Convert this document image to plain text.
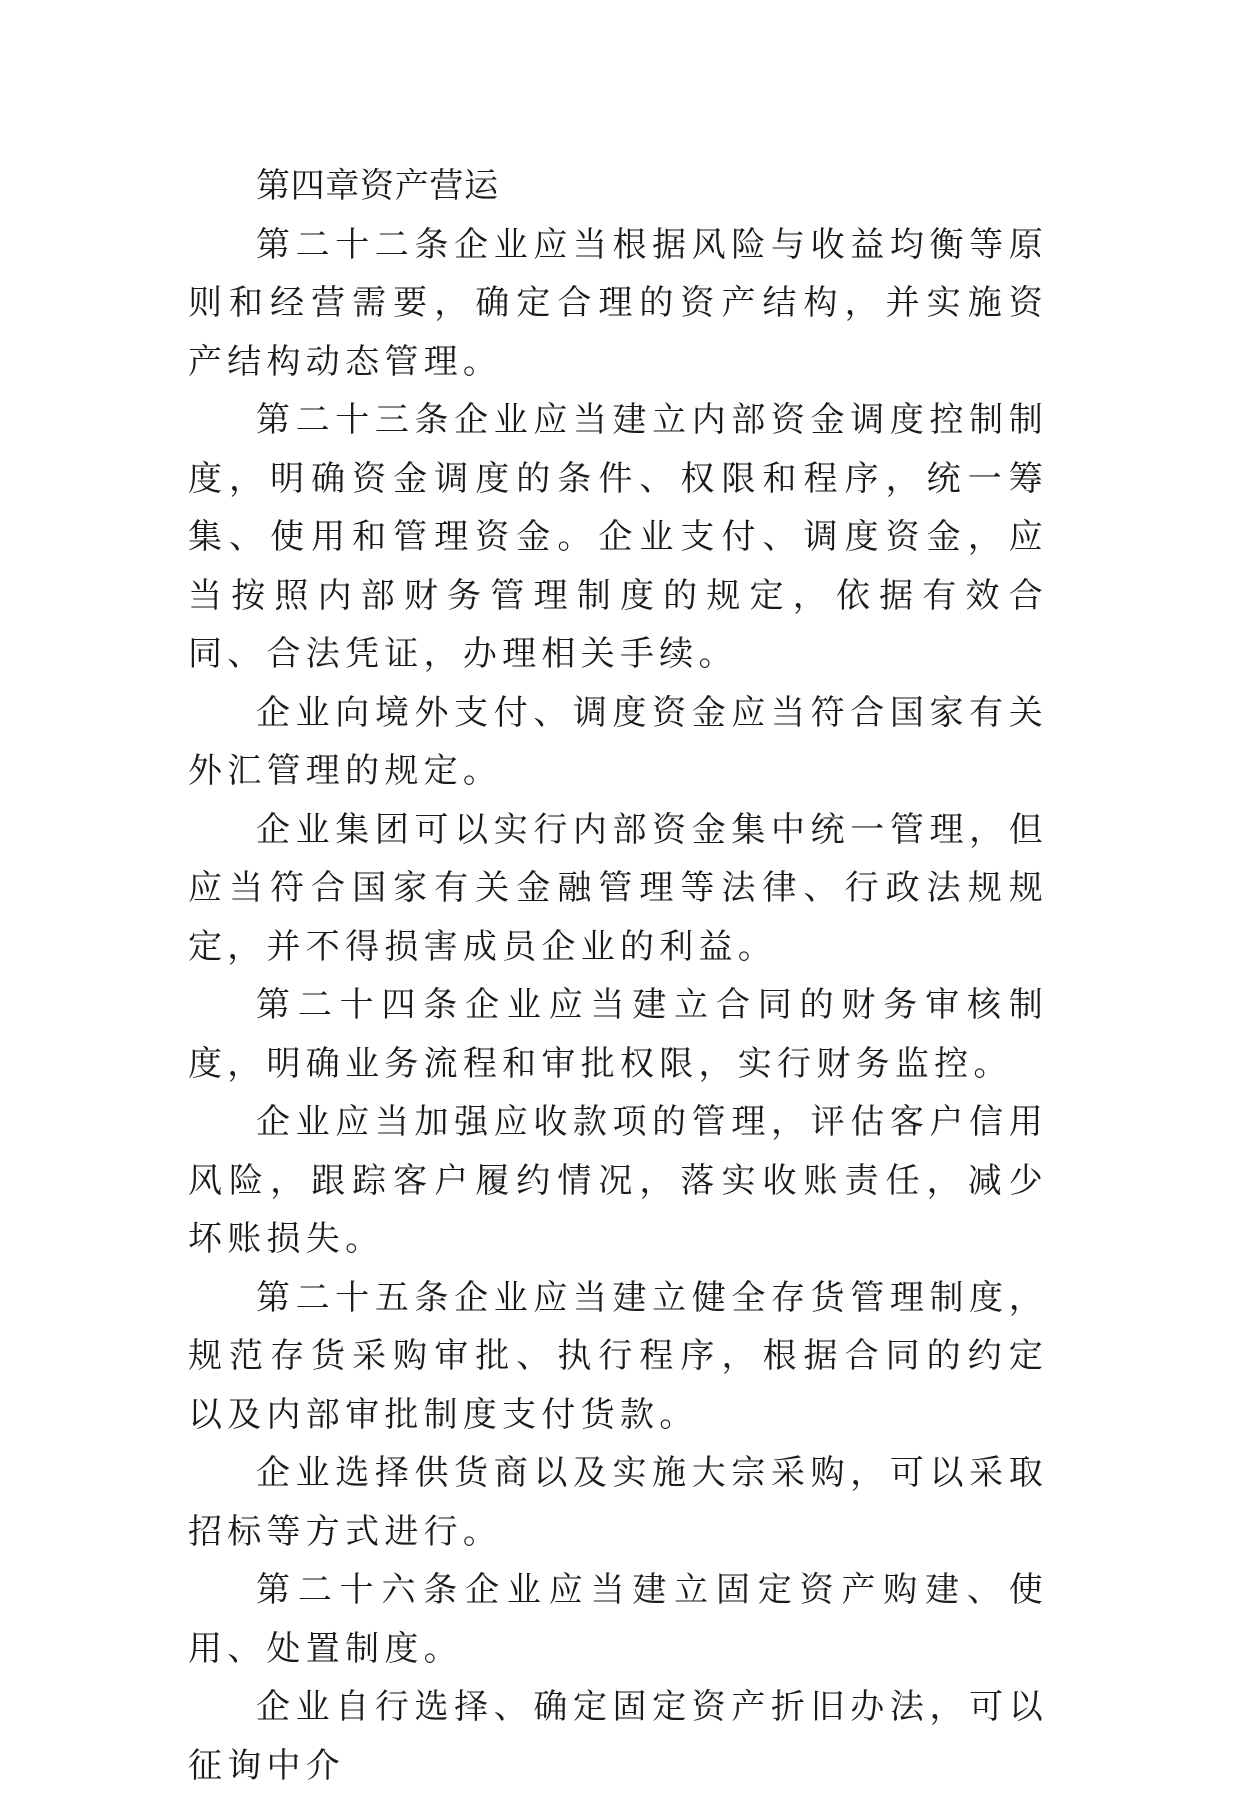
第四章资产营运

第二十二条企业应当根据风险与收益均衡等原则和经营需要，确定合理的资产结构，并实施资产结构动态管理。

第二十三条企业应当建立内部资金调度控制制度，明确资金调度的条件、权限和程序，统一筹集、使用和管理资金。企业支付、调度资金，应当按照内部财务管理制度的规定，依据有效合同、合法凭证，办理相关手续。

企业向境外支付、调度资金应当符合国家有关外汇管理的规定。

企业集团可以实行内部资金集中统一管理，但应当符合国家有关金融管理等法律、行政法规规定，并不得损害成员企业的利益。

第二十四条企业应当建立合同的财务审核制度，明确业务流程和审批权限，实行财务监控。

企业应当加强应收款项的管理，评估客户信用风险，跟踪客户履约情况，落实收账责任，减少坏账损失。

第二十五条企业应当建立健全存货管理制度，规范存货采购审批、执行程序，根据合同的约定以及内部审批制度支付货款。

企业选择供货商以及实施大宗采购，可以采取招标等方式进行。

第二十六条企业应当建立固定资产购建、使用、处置制度。

企业自行选择、确定固定资产折旧办法，可以征询中介
